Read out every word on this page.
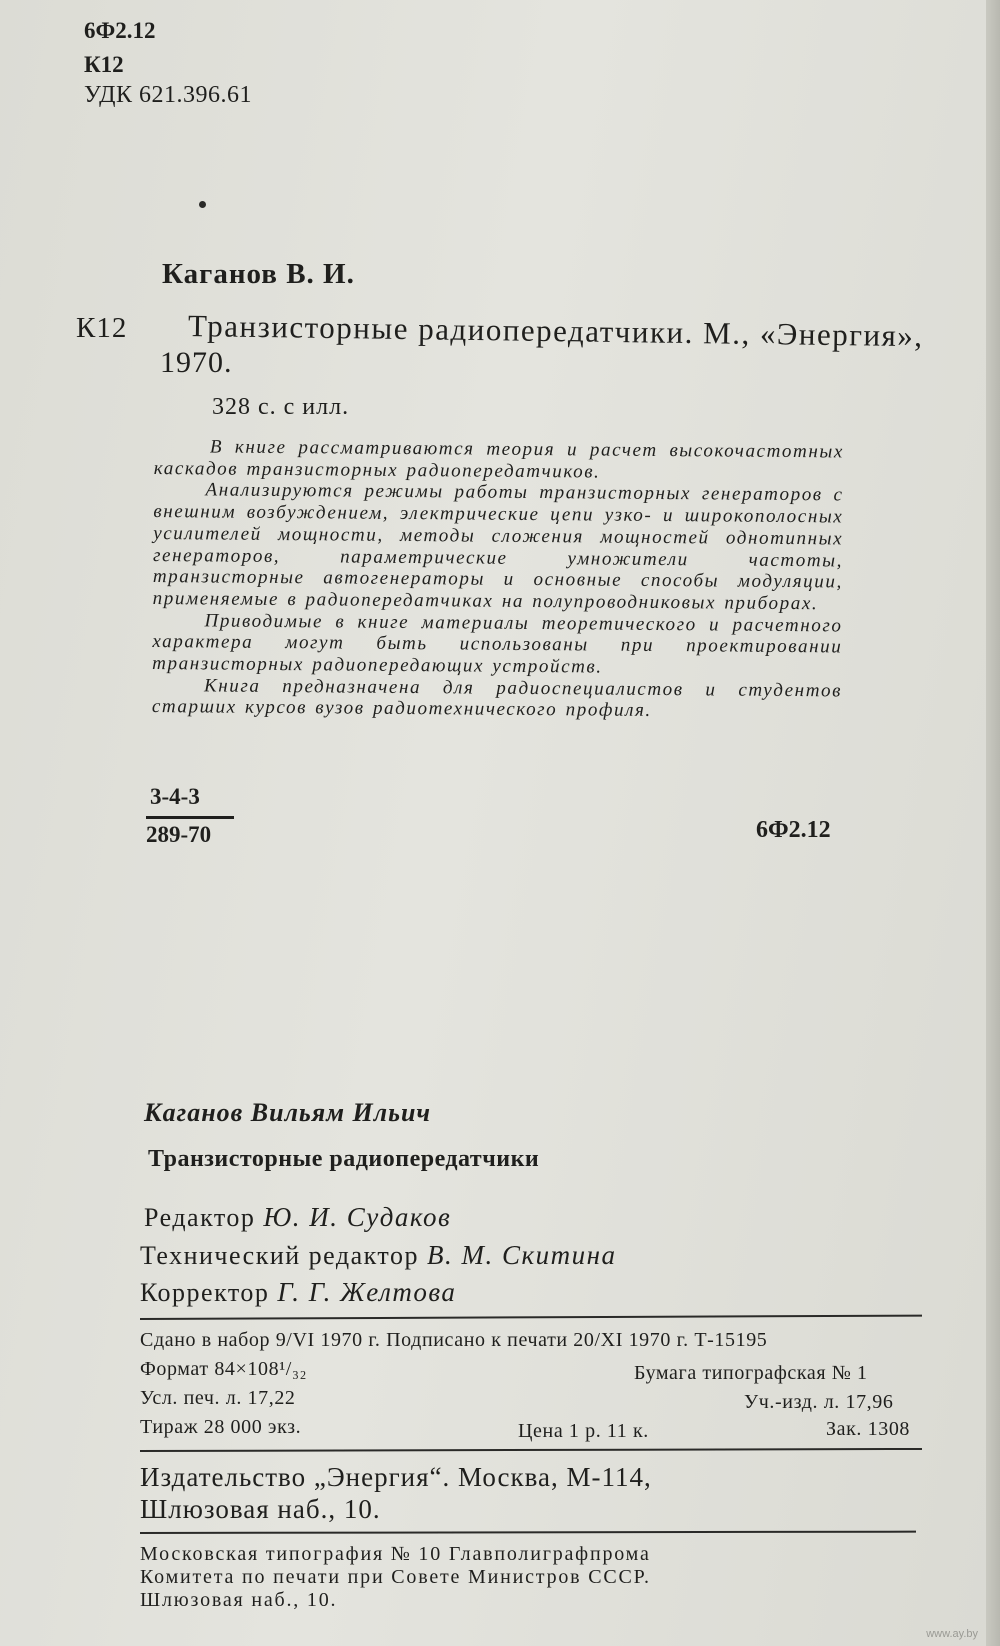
6Ф2.12
К12
УДК 621.396.61
Каганов В. И.
К12 Транзисторные радиопередатчики. М., «Энергия»,
1970.
328 с. с илл.

В книге рассматриваются теория и расчет высокочастотных каскадов транзисторных радиопередатчиков.

Анализируются режимы работы транзисторных генераторов с внешним возбуждением, электрические цепи узко- и широкополосных усилителей мощности, методы сложения мощностей однотипных генераторов, параметрические умножители частоты, транзисторные автогенераторы и основные способы модуляции, применяемые в радиопередатчиках на полупроводниковых приборах.

Приводимые в книге материалы теоретического и расчетного характера могут быть использованы при проектировании транзисторных радиопередающих устройств.

Книга предназначена для радиоспециалистов и студентов старших курсов вузов радиотехнического профиля.

3-4-3
289-70	6Ф2.12
Каганов Вильям Ильич
Транзисторные радиопередатчики
Редактор Ю. И. Судаков
Технический редактор В. М. Скитина
Корректор Г. Г. Желтова
Сдано в набор 9/VI 1970 г. Подписано к печати 20/XI 1970 г. Т-15195
Формат 84×108¹/₃₂	Бумага типографская № 1
Усл. печ. л. 17,22	Уч.-изд. л. 17,96
Тираж 28 000 экз.	Цена 1 р. 11 к.	Зак. 1308
Издательство „Энергия“. Москва, М-114,
Шлюзовая наб., 10.
Московская типография № 10 Главполиграфпрома
Комитета по печати при Совете Министров СССР.
Шлюзовая наб., 10.
www.ay.by
